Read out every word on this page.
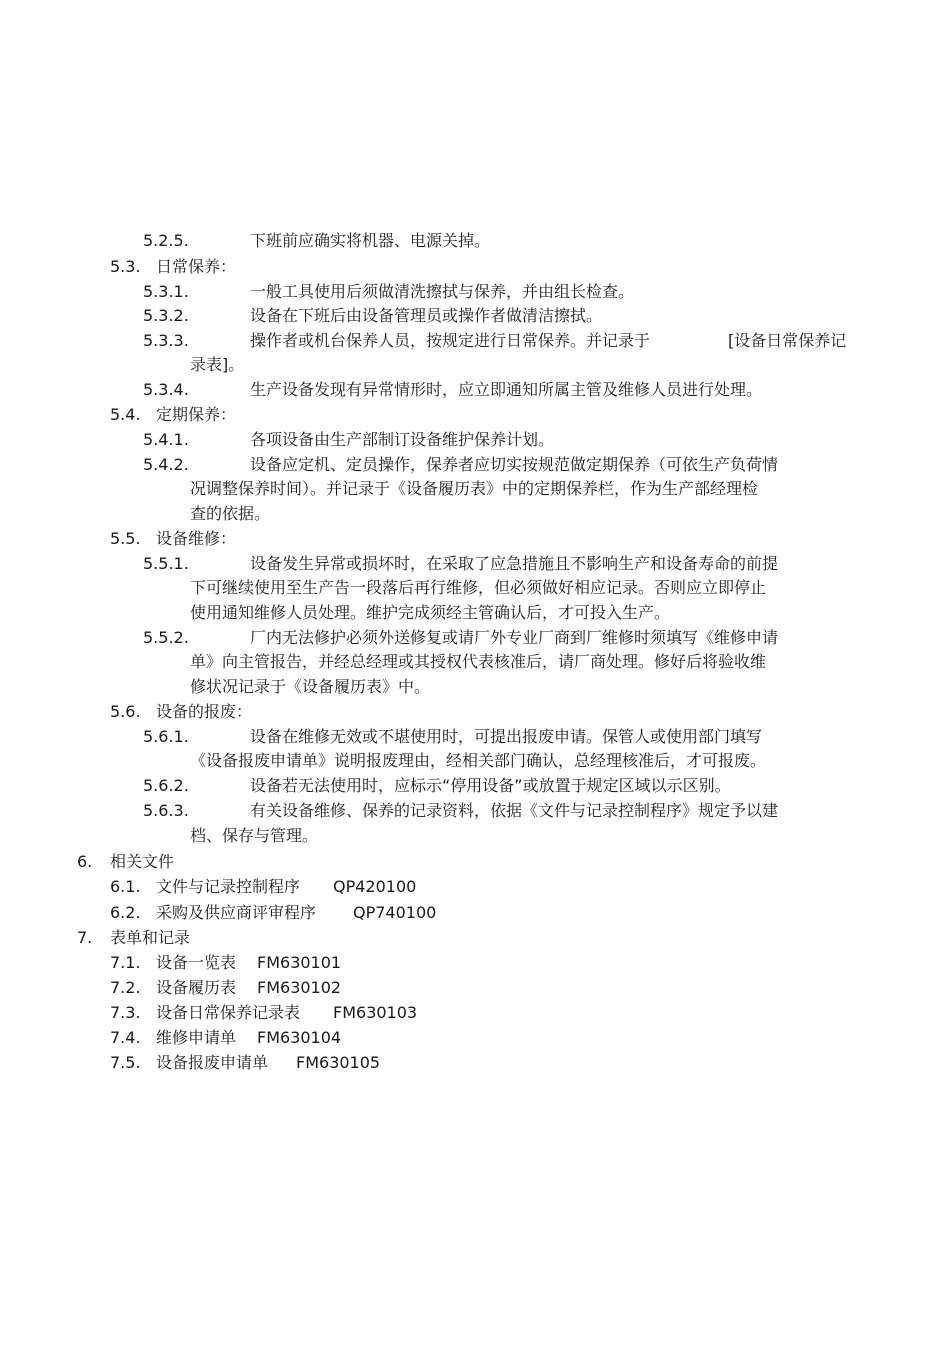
5.2.5.	下班前应确实将机器、电源关掉。
5.3. 日常保养：
5.3.1.	一般工具使用后须做清洗擦拭与保养，并由组长检查。
5.3.2.	设备在下班后由设备管理员或操作者做清洁擦拭。
5.3.3.	操作者或机台保养人员，按规定进行日常保养。并记录于	[设备日常保养记
录表]。
5.3.4.	生产设备发现有异常情形时，应立即通知所属主管及维修人员进行处理。
5.4. 定期保养：
5.4.1.	各项设备由生产部制订设备维护保养计划。
5.4.2.	设备应定机、定员操作，保养者应切实按规范做定期保养（可依生产负荷情
况调整保养时间）。并记录于《设备履历表》中的定期保养栏，作为生产部经理检
查的依据。
5.5. 设备维修：
5.5.1.	设备发生异常或损坏时，在采取了应急措施且不影响生产和设备寿命的前提
下可继续使用至生产告一段落后再行维修，但必须做好相应记录。否则应立即停止
使用通知维修人员处理。维护完成须经主管确认后，才可投入生产。
5.5.2.	厂内无法修护必须外送修复或请厂外专业厂商到厂维修时须填写《维修申请
单》向主管报告，并经总经理或其授权代表核准后，请厂商处理。修好后将验收维
修状况记录于《设备履历表》中。
5.6. 设备的报废：
5.6.1.	设备在维修无效或不堪使用时，可提出报废申请。保管人或使用部门填写
《设备报废申请单》说明报废理由，经相关部门确认，总经理核准后，才可报废。
5.6.2.	设备若无法使用时，应标示“停用设备”或放置于规定区域以示区别。
5.6.3.	有关设备维修、保养的记录资料，依据《文件与记录控制程序》规定予以建
档、保存与管理。
6. 相关文件
6.1. 文件与记录控制程序 QP420100
6.2. 采购及供应商评审程序 QP740100
7. 表单和记录
7.1. 设备一览表 FM630101
7.2. 设备履历表 FM630102
7.3. 设备日常保养记录表 FM630103
7.4. 维修申请单 FM630104
7.5. 设备报废申请单 FM630105
